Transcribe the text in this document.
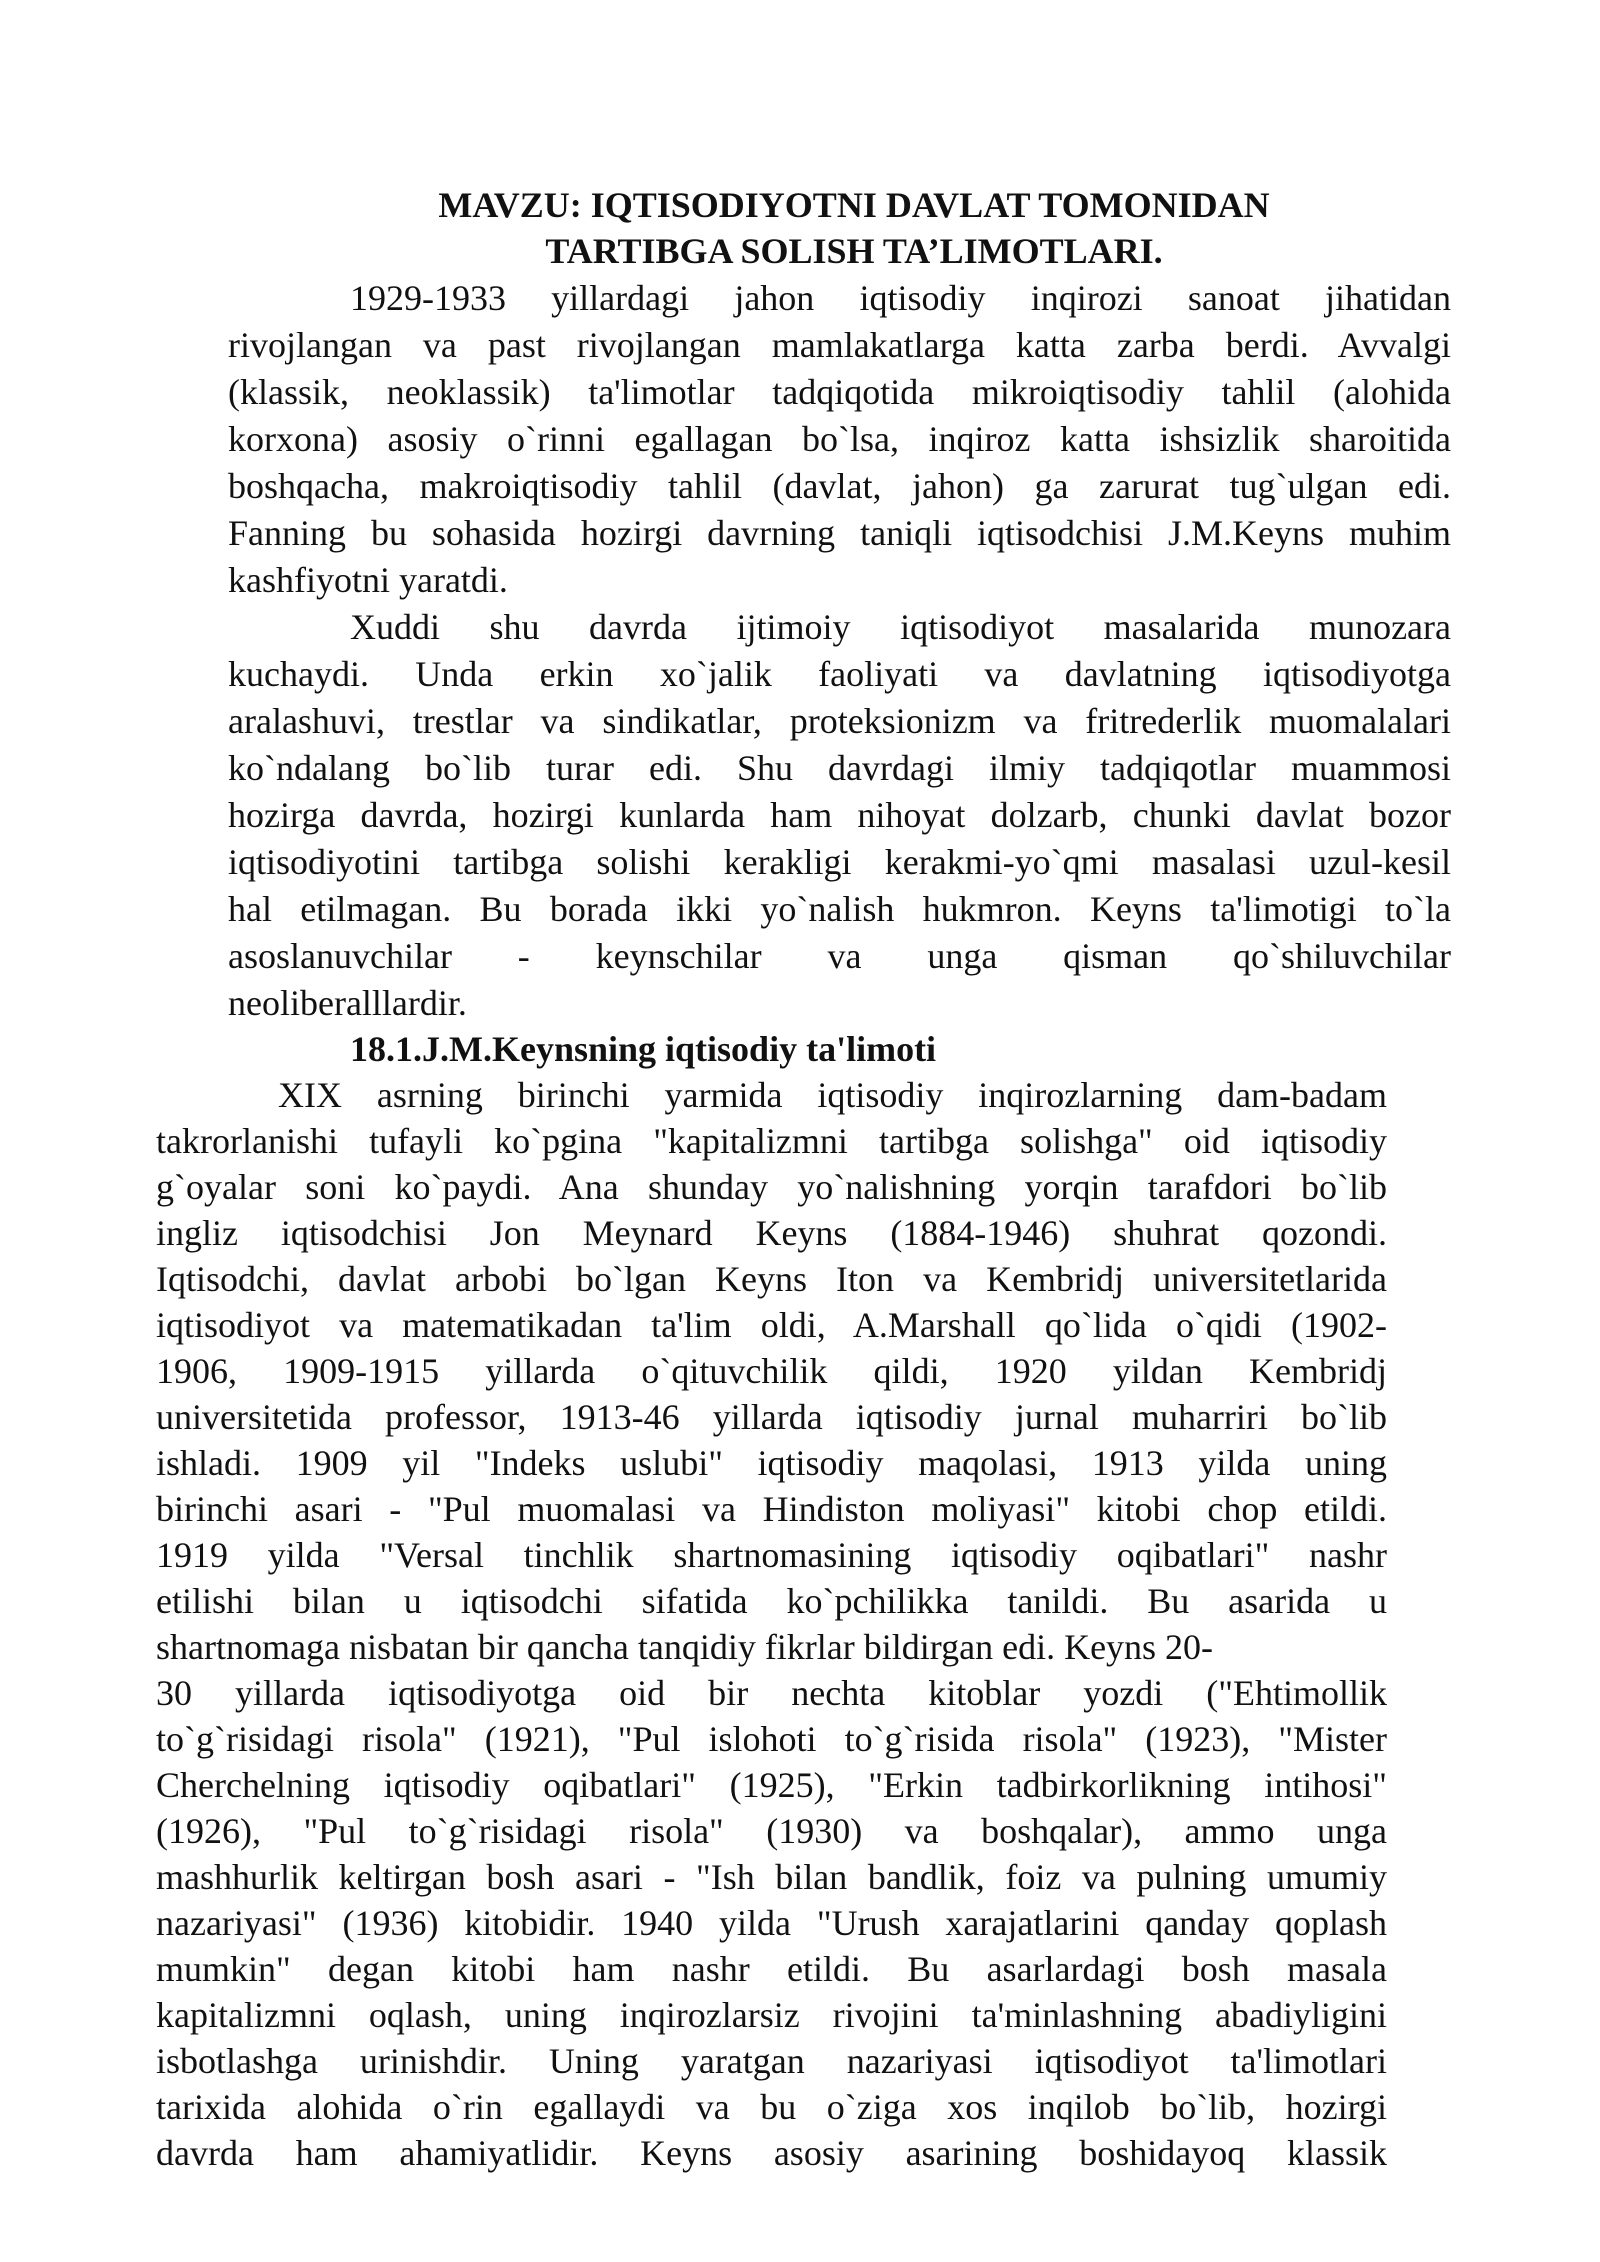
MAVZU: IQTISODIYOTNI DAVLAT TOMONIDAN
TARTIBGA SOLISH TA’LIMOTLARI.
1929-1933 yillardagi jahon iqtisodiy inqirozi sanoat jihatidan
rivojlangan va past rivojlangan mamlakatlarga katta zarba berdi. Avvalgi
(klassik, neoklassik) ta'limotlar tadqiqotida mikroiqtisodiy tahlil (alohida
korxona) asosiy o`rinni egallagan bo`lsa, inqiroz katta ishsizlik sharoitida
boshqacha, makroiqtisodiy tahlil (davlat, jahon) ga zarurat tug`ulgan edi.
Fanning bu sohasida hozirgi davrning taniqli iqtisodchisi J.M.Keyns muhim
kashfiyotni yaratdi.
Xuddi shu davrda ijtimoiy iqtisodiyot masalarida munozara
kuchaydi. Unda erkin xo`jalik faoliyati va davlatning iqtisodiyotga
aralashuvi, trestlar va sindikatlar, proteksionizm va fritrederlik muomalalari
ko`ndalang bo`lib turar edi. Shu davrdagi ilmiy tadqiqotlar muammosi
hozirga davrda, hozirgi kunlarda ham nihoyat dolzarb, chunki davlat bozor
iqtisodiyotini tartibga solishi kerakligi kerakmi-yo`qmi masalasi uzul-kesil
hal etilmagan. Bu borada ikki yo`nalish hukmron. Keyns ta'limotigi to`la
asoslanuvchilar - keynschilar va unga qisman qo`shiluvchilar
neoliberalllardir.
18.1.J.M.Keynsning iqtisodiy ta'limoti
XIX asrning birinchi yarmida iqtisodiy inqirozlarning dam-badam
takrorlanishi tufayli ko`pgina "kapitalizmni tartibga solishga" oid iqtisodiy
g`oyalar soni ko`paydi. Ana shunday yo`nalishning yorqin tarafdori bo`lib
ingliz iqtisodchisi Jon Meynard Keyns (1884-1946) shuhrat qozondi.
Iqtisodchi, davlat arbobi bo`lgan Keyns Iton va Kembridj universitetlarida
iqtisodiyot va matematikadan ta'lim oldi, A.Marshall qo`lida o`qidi (1902-
1906, 1909-1915 yillarda o`qituvchilik qildi, 1920 yildan Kembridj
universitetida professor, 1913-46 yillarda iqtisodiy jurnal muharriri bo`lib
ishladi. 1909 yil "Indeks uslubi" iqtisodiy maqolasi, 1913 yilda uning
birinchi asari - "Pul muomalasi va Hindiston moliyasi" kitobi chop etildi.
1919 yilda "Versal tinchlik shartnomasining iqtisodiy oqibatlari" nashr
etilishi bilan u iqtisodchi sifatida ko`pchilikka tanildi. Bu asarida u
shartnomaga nisbatan bir qancha tanqidiy fikrlar bildirgan edi. Keyns 20-
30 yillarda iqtisodiyotga oid bir nechta kitoblar yozdi ("Ehtimollik
to`g`risidagi risola" (1921), "Pul islohoti to`g`risida risola" (1923), "Mister
Cherchelning iqtisodiy oqibatlari" (1925), "Erkin tadbirkorlikning intihosi"
(1926), "Pul to`g`risidagi risola" (1930) va boshqalar), ammo unga
mashhurlik keltirgan bosh asari - "Ish bilan bandlik, foiz va pulning umumiy
nazariyasi" (1936) kitobidir. 1940 yilda "Urush xarajatlarini qanday qoplash
mumkin" degan kitobi ham nashr etildi. Bu asarlardagi bosh masala
kapitalizmni oqlash, uning inqirozlarsiz rivojini ta'minlashning abadiyligini
isbotlashga urinishdir. Uning yaratgan nazariyasi iqtisodiyot ta'limotlari
tarixida alohida o`rin egallaydi va bu o`ziga xos inqilob bo`lib, hozirgi
davrda ham ahamiyatlidir. Keyns asosiy asarining boshidayoq klassik
